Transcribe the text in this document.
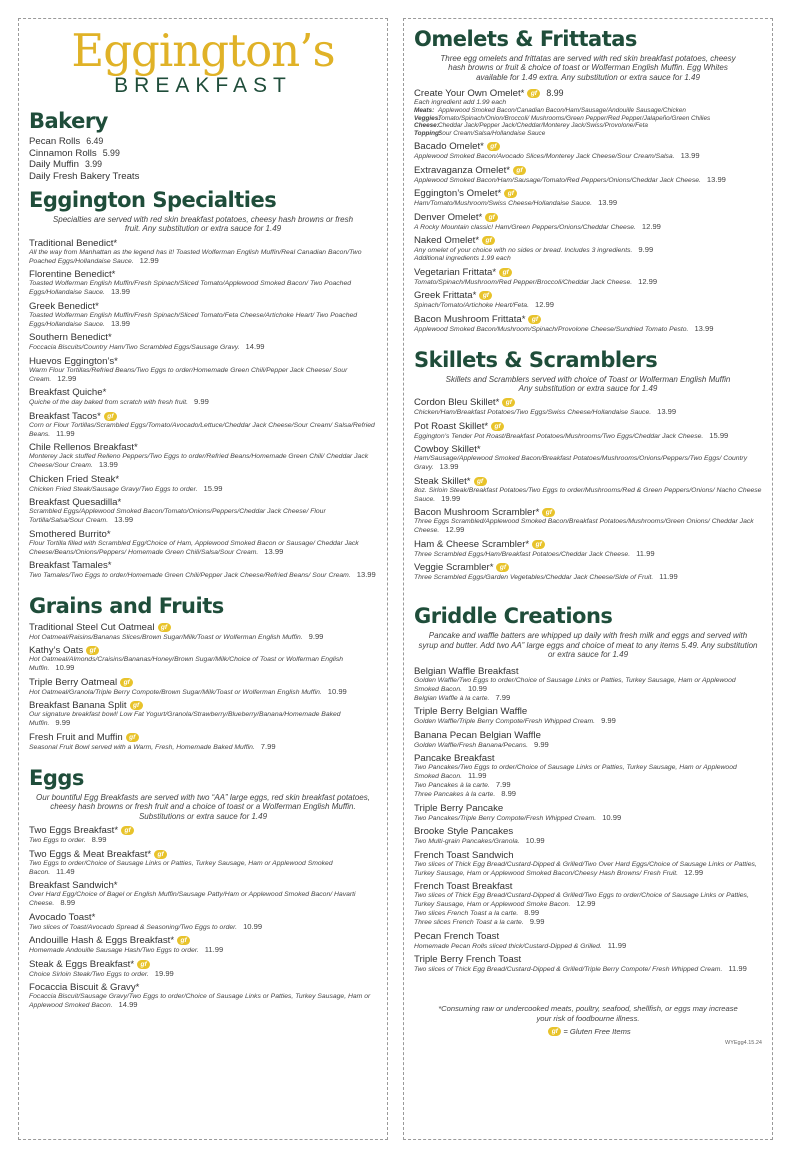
Eggington’s
BREAKFAST
Bakery
Pecan Rolls 6.49
Cinnamon Rolls 5.99
Daily Muffin 3.99
Daily Fresh Bakery Treats
Eggington Specialties
Specialties are served with red skin breakfast potatoes, cheesy hash browns or fresh fruit. Any substitution or extra sauce for 1.49
Traditional Benedict*
All the way from Manhattan as the legend has it! Toasted Wolferman English Muffin/Real Canadian Bacon/Two Poached Eggs/Hollandaise Sauce. 12.99
Florentine Benedict*
Toasted Wolferman English Muffin/Fresh Spinach/Sliced Tomato/Applewood Smoked Bacon/ Two Poached Eggs/Hollandaise Sauce. 13.99
Greek Benedict*
Toasted Wolferman English Muffin/Fresh Spinach/Sliced Tomato/Feta Cheese/Artichoke Heart/ Two Poached Eggs/Hollandaise Sauce. 13.99
Southern Benedict*
Foccacia Biscuits/Country Ham/Two Scrambled Eggs/Sausage Gravy. 14.99
Huevos Eggington’s*
Warm Flour Tortillas/Refried Beans/Two Eggs to order/Homemade Green Chili/Pepper Jack Cheese/ Sour Cream. 12.99
Breakfast Quiche*
Quiche of the day baked from scratch with fresh fruit. 9.99
Breakfast Tacos* gf
Corn or Flour Tortillas/Scrambled Eggs/Tomato/Avocado/Lettuce/Cheddar Jack Cheese/Sour Cream/ Salsa/Refried Beans. 11.99
Chile Rellenos Breakfast*
Monterey Jack stuffed Relleno Peppers/Two Eggs to order/Refried Beans/Homemade Green Chili/ Cheddar Jack Cheese/Sour Cream. 13.99
Chicken Fried Steak*
Chicken Fried Steak/Sausage Gravy/Two Eggs to order. 15.99
Breakfast Quesadilla*
Scrambled Eggs/Applewood Smoked Bacon/Tomato/Onions/Peppers/Cheddar Jack Cheese/ Flour Tortilla/Salsa/Sour Cream. 13.99
Smothered Burrito*
Flour Tortilla filled with Scrambled Egg/Choice of Ham, Applewood Smoked Bacon or Sausage/ Cheddar Jack Cheese/Beans/Onions/Peppers/ Homemade Green Chili/Salsa/Sour Cream. 13.99
Breakfast Tamales*
Two Tamales/Two Eggs to order/Homemade Green Chili/Pepper Jack Cheese/Refried Beans/ Sour Cream. 13.99
Grains and Fruits
Traditional Steel Cut Oatmeal gf
Hot Oatmeal/Raisins/Bananas Slices/Brown Sugar/Milk/Toast or Wolferman English Muffin. 9.99
Kathy’s Oats gf
Hot Oatmeal/Almonds/Craisins/Bananas/Honey/Brown Sugar/Milk/Choice of Toast or Wolferman English Muffin. 10.99
Triple Berry Oatmeal gf
Hot Oatmeal/Granola/Triple Berry Compote/Brown Sugar/Milk/Toast or Wolferman English Muffin. 10.99
Breakfast Banana Split gf
Our signature breakfast bowl! Low Fat Yogurt/Granola/Strawberry/Blueberry/Banana/Homemade Baked Muffin. 9.99
Fresh Fruit and Muffin gf
Seasonal Fruit Bowl served with a Warm, Fresh, Homemade Baked Muffin. 7.99
Eggs
Our bountiful Egg Breakfasts are served with two “AA” large eggs, red skin breakfast potatoes, cheesy hash browns or fresh fruit and a choice of toast or a Wolferman English Muffin. Substitutions or extra sauce for 1.49
Two Eggs Breakfast* gf
Two Eggs to order. 8.99
Two Eggs & Meat Breakfast* gf
Two Eggs to order/Choice of Sausage Links or Patties, Turkey Sausage, Ham or Applewood Smoked Bacon. 11.49
Breakfast Sandwich*
Over Hard Egg/Choice of Bagel or English Muffin/Sausage Patty/Ham or Applewood Smoked Bacon/ Havarti Cheese. 8.99
Avocado Toast*
Two slices of Toast/Avocado Spread & Seasoning/Two Eggs to order. 10.99
Andouille Hash & Eggs Breakfast* gf
Homemade Andouille Sausage Hash/Two Eggs to order. 11.99
Steak & Eggs Breakfast* gf
Choice Sirloin Steak/Two Eggs to order. 19.99
Focaccia Biscuit & Gravy*
Focaccia Biscuit/Sausage Gravy/Two Eggs to order/Choice of Sausage Links or Patties, Turkey Sausage, Ham or Applewood Smoked Bacon. 14.99
Omelets & Frittatas
Three egg omelets and frittatas are served with red skin breakfast potatoes, cheesy hash browns or fruit & choice of toast or Wolferman English Muffin. Egg Whites available for 1.49 extra. Any substitution or extra sauce for 1.49
Create Your Own Omelet* gf 8.99
Each ingredient add 1.99 each
Meats: Applewood Smoked Bacon/Canadian Bacon/Ham/Sausage/Andouille Sausage/Chicken
Veggies:Tomato/Spinach/Onion/Broccoli/ Mushrooms/Green Pepper/Red Pepper/Jalapeño/Green Chilies
Cheese:Cheddar Jack/Pepper Jack/Cheddar/Monterey Jack/Swiss/Provolone/Feta
Topping:Sour Cream/Salsa/Hollandaise Sauce
Bacado Omelet* gf
Applewood Smoked Bacon/Avocado Slices/Monterey Jack Cheese/Sour Cream/Salsa. 13.99
Extravaganza Omelet* gf
Applewood Smoked Bacon/Ham/Sausage/Tomato/Red Peppers/Onions/Cheddar Jack Cheese. 13.99
Eggington’s Omelet* gf
Ham/Tomato/Mushroom/Swiss Cheese/Hollandaise Sauce. 13.99
Denver Omelet* gf
A Rocky Mountain classic! Ham/Green Peppers/Onions/Cheddar Cheese. 12.99
Naked Omelet* gf
Any omelet of your choice with no sides or bread. Includes 3 ingredients. 9.99
Additional ingredients 1.99 each
Vegetarian Frittata* gf
Tomato/Spinach/Mushroom/Red Pepper/Broccoli/Cheddar Jack Cheese. 12.99
Greek Frittata* gf
Spinach/Tomato/Artichoke Heart/Feta. 12.99
Bacon Mushroom Frittata* gf
Applewood Smoked Bacon/Mushroom/Spinach/Provolone Cheese/Sundried Tomato Pesto. 13.99
Skillets & Scramblers
Skillets and Scramblers served with choice of Toast or Wolferman English Muffin Any substitution or extra sauce for 1.49
Cordon Bleu Skillet* gf
Chicken/Ham/Breakfast Potatoes/Two Eggs/Swiss Cheese/Hollandaise Sauce. 13.99
Pot Roast Skillet* gf
Eggington’s Tender Pot Roast/Breakfast Potatoes/Mushrooms/Two Eggs/Cheddar Jack Cheese. 15.99
Cowboy Skillet*
Ham/Sausage/Applewood Smoked Bacon/Breakfast Potatoes/Mushrooms/Onions/Peppers/Two Eggs/ Country Gravy. 13.99
Steak Skillet* gf
8oz. Sirloin Steak/Breakfast Potatoes/Two Eggs to order/Mushrooms/Red & Green Peppers/Onions/ Nacho Cheese Sauce. 19.99
Bacon Mushroom Scrambler* gf
Three Eggs Scrambled/Applewood Smoked Bacon/Breakfast Potatoes/Mushrooms/Green Onions/ Cheddar Jack Cheese. 12.99
Ham & Cheese Scrambler* gf
Three Scrambled Eggs/Ham/Breakfast Potatoes/Cheddar Jack Cheese. 11.99
Veggie Scrambler* gf
Three Scrambled Eggs/Garden Vegetables/Cheddar Jack Cheese/Side of Fruit. 11.99
Griddle Creations
Pancake and waffle batters are whipped up daily with fresh milk and eggs and served with syrup and butter. Add two AA” large eggs and choice of meat to any items 5.49. Any substitution or extra sauce for 1.49
Belgian Waffle Breakfast
Golden Waffle/Two Eggs to order/Choice of Sausage Links or Patties, Turkey Sausage, Ham or Applewood Smoked Bacon. 10.99
Belgian Waffle à la carte. 7.99
Triple Berry Belgian Waffle
Golden Waffle/Triple Berry Compote/Fresh Whipped Cream. 9.99
Banana Pecan Belgian Waffle
Golden Waffle/Fresh Banana/Pecans. 9.99
Pancake Breakfast
Two Pancakes/Two Eggs to order/Choice of Sausage Links or Patties, Turkey Sausage, Ham or Applewood Smoked Bacon. 11.99
Two Pancakes à la carte. 7.99
Three Pancakes à la carte. 8.99
Triple Berry Pancake
Two Pancakes/Triple Berry Compote/Fresh Whipped Cream. 10.99
Brooke Style Pancakes
Two Multi-grain Pancakes/Granola. 10.99
French Toast Sandwich
Two slices of Thick Egg Bread/Custard-Dipped & Grilled/Two Over Hard Eggs/Choice of Sausage Links or Patties, Turkey Sausage, Ham or Applewood Smoked Bacon/Cheesy Hash Browns/ Fresh Fruit. 12.99
French Toast Breakfast
Two slices of Thick Egg Bread/Custard-Dipped & Grilled/Two Eggs to order/Choice of Sausage Links or Patties, Turkey Sausage, Ham or Applewood Smoke Bacon. 12.99
Two slices French Toast a la carte. 8.99
Three slices French Toast a la carte. 9.99
Pecan French Toast
Homemade Pecan Rolls sliced thick/Custard-Dipped & Grilled. 11.99
Triple Berry French Toast
Two slices of Thick Egg Bread/Custard-Dipped & Grilled/Triple Berry Compote/ Fresh Whipped Cream. 11.99
*Consuming raw or undercooked meats, poultry, seafood, shellfish, or eggs may increase your risk of foodbourne illness.
gf = Gluten Free Items
WYEgg4.15.24
